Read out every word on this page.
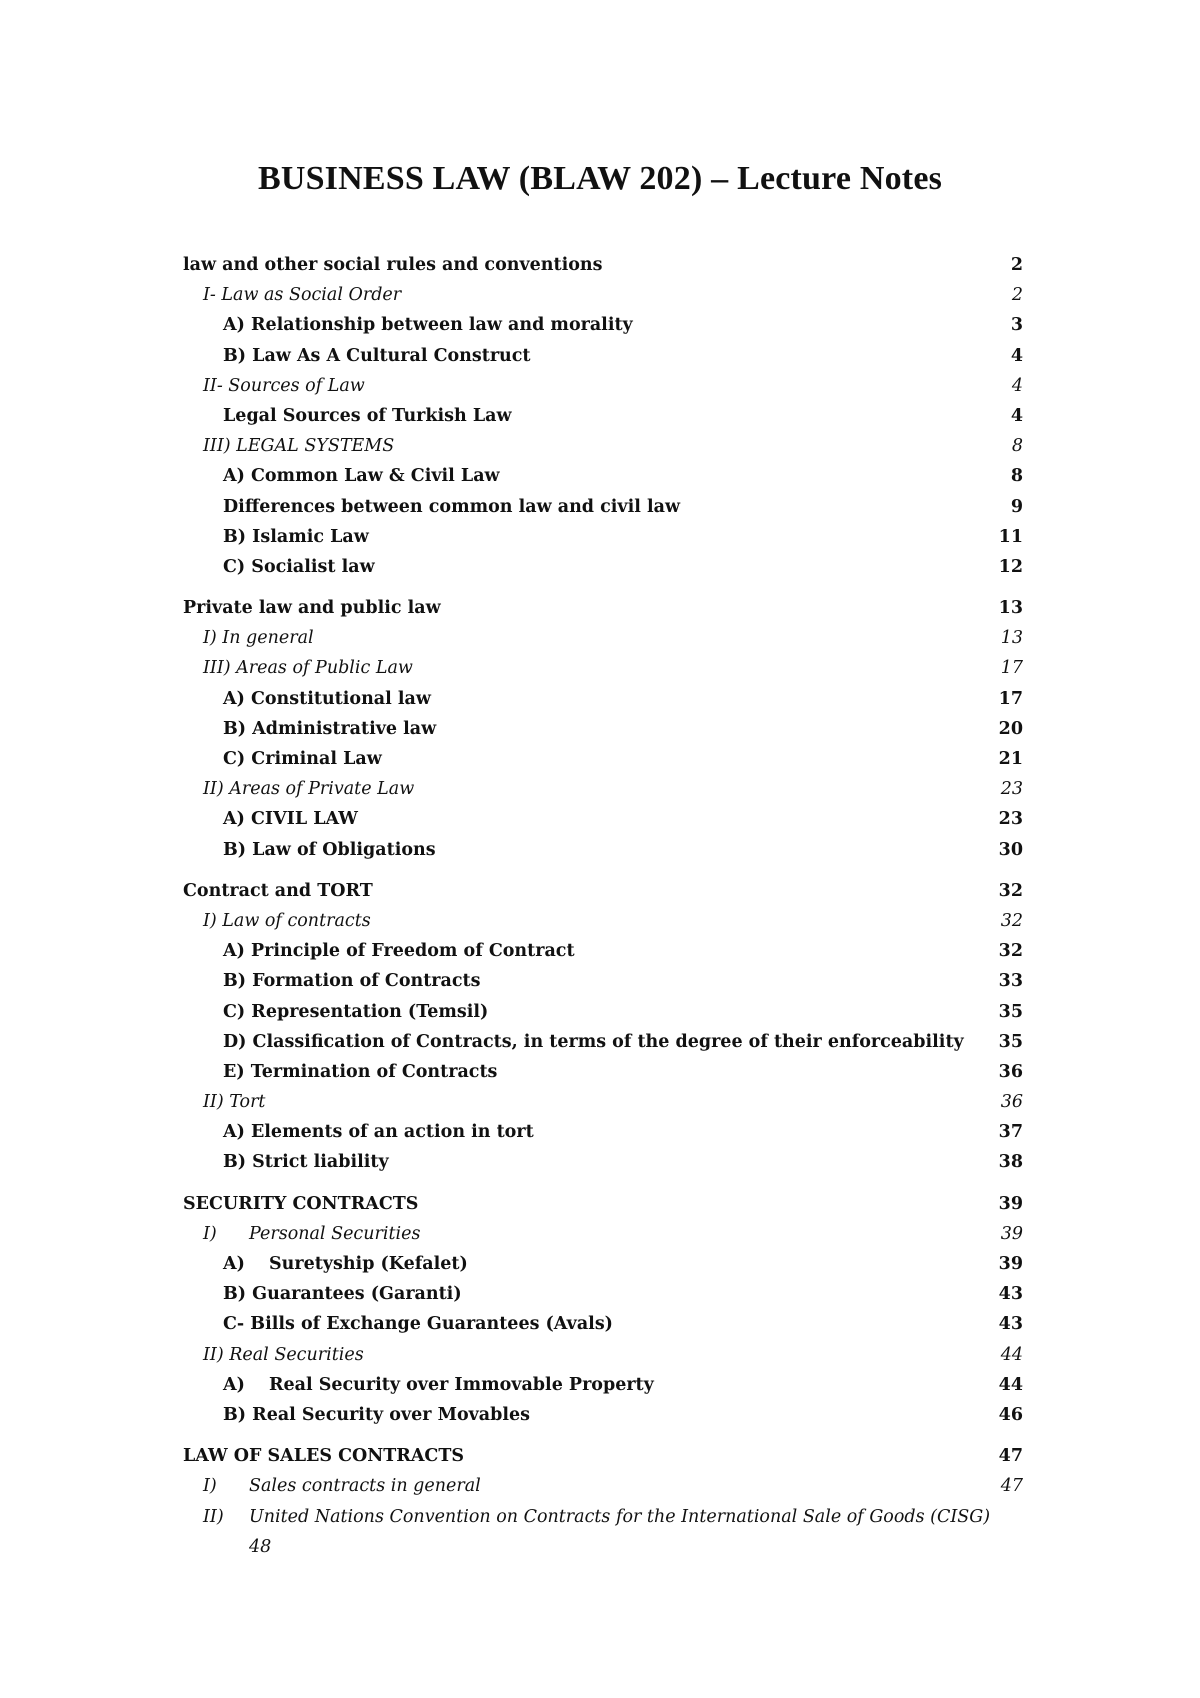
BUSINESS LAW (BLAW 202) – Lecture Notes
law and other social rules and conventions	2
I- Law as Social Order	2
A) Relationship between law and morality	3
B) Law As A Cultural Construct	4
II- Sources of Law	4
Legal Sources of Turkish Law	4
III) LEGAL SYSTEMS	8
A) Common Law & Civil Law	8
Differences between common law and civil law	9
B) Islamic Law	11
C) Socialist law	12
Private law and public law	13
I) In general	13
III) Areas of Public Law	17
A) Constitutional law	17
B) Administrative law	20
C) Criminal Law	21
II) Areas of Private Law	23
A) CIVIL LAW	23
B) Law of Obligations	30
Contract and TORT	32
I) Law of contracts	32
A) Principle of Freedom of Contract	32
B) Formation of Contracts	33
C) Representation (Temsil)	35
D) Classification of Contracts, in terms of the degree of their enforceability 35
E) Termination of Contracts	36
II) Tort	36
A) Elements of an action in tort	37
B) Strict liability	38
SECURITY CONTRACTS	39
I) Personal Securities	39
A) Suretyship (Kefalet)	39
B) Guarantees (Garanti)	43
C- Bills of Exchange Guarantees (Avals)	43
II) Real Securities	44
A) Real Security over Immovable Property	44
B) Real Security over Movables	46
LAW OF SALES CONTRACTS	47
I) Sales contracts in general	47
II) United Nations Convention on Contracts for the International Sale of Goods (CISG)
48
